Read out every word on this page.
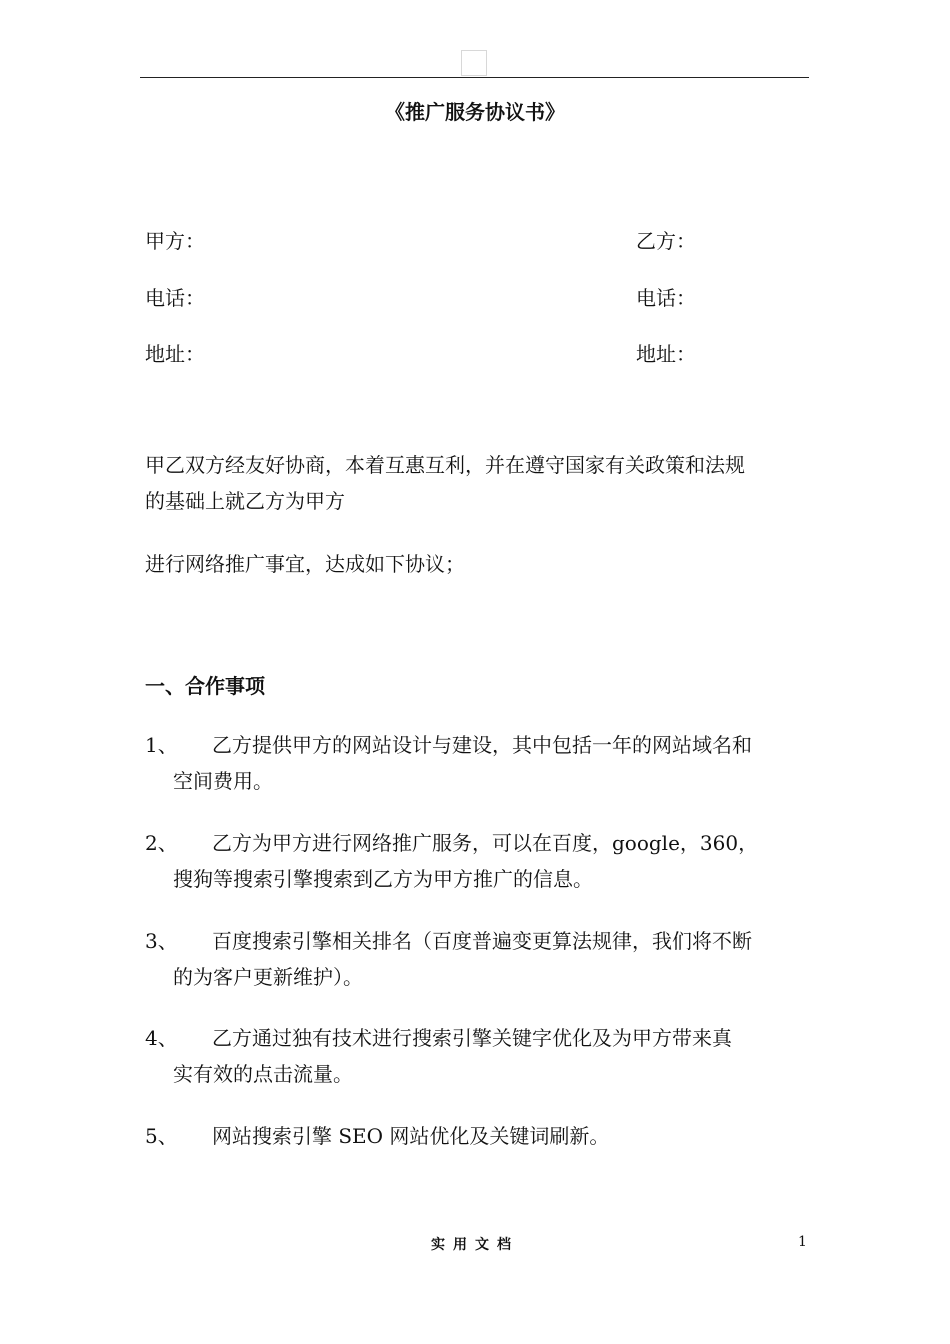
《推广服务协议书》
甲方：	乙方：
电话：	电话：
地址：	地址：
甲乙双方经友好协商，本着互惠互利，并在遵守国家有关政策和法规
的基础上就乙方为甲方
进行网络推广事宜，达成如下协议；
一、合作事项
1、 乙方提供甲方的网站设计与建设，其中包括一年的网站域名和
空间费用。
2、 乙方为甲方进行网络推广服务，可以在百度，google，360，
搜狗等搜索引擎搜索到乙方为甲方推广的信息。
3、 百度搜索引擎相关排名（百度普遍变更算法规律，我们将不断
的为客户更新维护）。
4、 乙方通过独有技术进行搜索引擎关键字优化及为甲方带来真
实有效的点击流量。
5、 网站搜索引擎 SEO 网站优化及关键词刷新。
实用文档	1
